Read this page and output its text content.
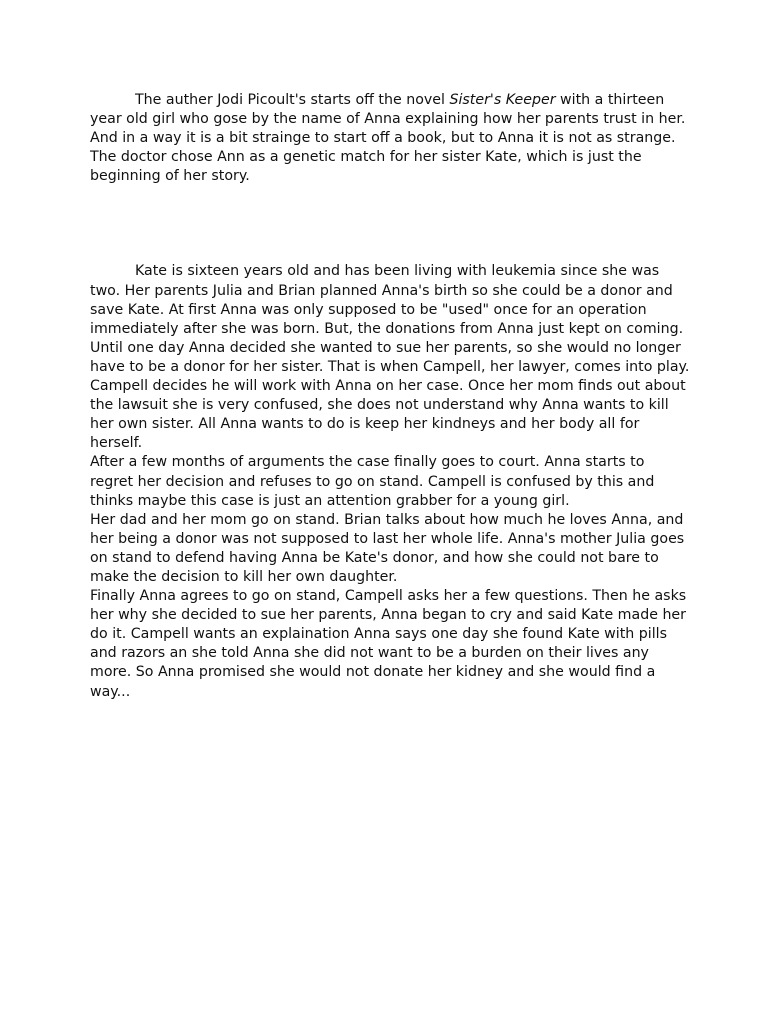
The auther Jodi Picoult's starts off the novel Sister's Keeper with a thirteen

year old girl who gose by the name of Anna explaining how her parents trust in her.

And in a way it is a bit strainge to start off a book, but to Anna it is not as strange.

The doctor chose Ann as a genetic match for her sister Kate, which is just the

beginning of her story.

Kate is sixteen years old and has been living with leukemia since she was

two. Her parents Julia and Brian planned Anna's birth so she could be a donor and

save Kate. At first Anna was only supposed to be "used" once for an operation

immediately after she was born. But, the donations from Anna just kept on coming.

Until one day Anna decided she wanted to sue her parents, so she would no longer

have to be a donor for her sister. That is when Campell, her lawyer, comes into play.

Campell decides he will work with Anna on her case. Once her mom finds out about

the lawsuit she is very confused, she does not understand why Anna wants to kill

her own sister. All Anna wants to do is keep her kindneys and her body all for

herself.

After a few months of arguments the case finally goes to court. Anna starts to

regret her decision and refuses to go on stand. Campell is confused by this and

thinks maybe this case is just an attention grabber for a young girl.

Her dad and her mom go on stand. Brian talks about how much he loves Anna, and

her being a donor was not supposed to last her whole life. Anna's mother Julia goes

on stand to defend having Anna be Kate's donor, and how she could not bare to

make the decision to kill her own daughter.

Finally Anna agrees to go on stand, Campell asks her a few questions. Then he asks

her why she decided to sue her parents, Anna began to cry and said Kate made her

do it. Campell wants an explaination Anna says one day she found Kate with pills

and razors an she told Anna she did not want to be a burden on their lives any

more. So Anna promised she would not donate her kidney and she would find a

way...
